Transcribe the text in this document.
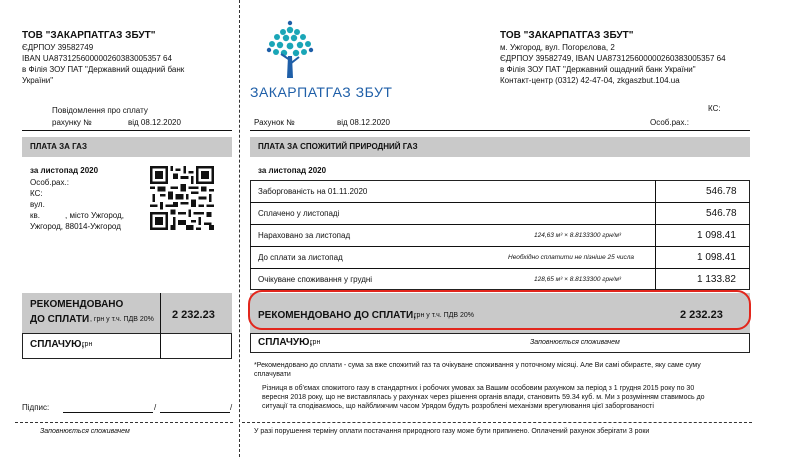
ТОВ "ЗАКАРПАТГАЗ ЗБУТ"
ЄДРПОУ 39582749
IBAN UA873125600000260383005357 64
в Філія ЗОУ ПАТ "Державний ощадний банк
України"
Повідомлення про сплату
рахунку №	від 08.12.2020
ПЛАТА ЗА ГАЗ
за листопад 2020
Особ.рах.:
КС:
вул.
кв.	, місто Ужгород,
Ужгород, 88014-Ужгород
РЕКОМЕНДОВАНО
ДО СПЛАТИ , грн у т.ч. ПДВ 20% 2 232.23
СПЛАЧУЮ,
грн
Підпис:	/	/
Заповнюється споживачем
ЗАКАРПАТГАЗ ЗБУТ
ТОВ "ЗАКАРПАТГАЗ ЗБУТ"
м. Ужгород, вул. Погорєлова, 2
ЄДРПОУ 39582749, IBAN UA873125600000260383005357 64
в Філія ЗОУ ПАТ "Державний ощадний банк України"
Контакт-центр (0312) 42-47-04, zkgaszbut.104.ua
КС:
Рахунок №	від 08.12.2020	Особ.рах.:
ПЛАТА ЗА СПОЖИТИЙ ПРИРОДНИЙ ГАЗ
за листопад 2020
Заборгованість на 01.11.2020	546.78
Сплачено у листопаді	546.78
Нараховано за листопад	124,63 м³ × 8.8133300 грн/м³	1 098.41
До сплати за листопад	Необхідно сплатити не пізніше 25 числа	1 098.41
Очікуване споживання у грудні	128,65 м³ × 8.8133300 грн/м³	1 133.82
РЕКОМЕНДОВАНО ДО СПЛАТИ,
грн у т.ч. ПДВ 20%	2 232.23
СПЛАЧУЮ,
грн	Заповнюється споживачем
*Рекомендовано до сплати - сума за вже спожитий газ та очікуване споживання у поточному місяці. Але Ви самі обираєте, яку саме суму
сплачувати
Різниця в об'ємах спожитого газу в стандартних і робочих умовах за Вашим особовим рахунком за період з 1 грудня 2015 року по 30
вересня 2018 року, що не виставлялась у рахунках через рішення органів влади, становить 59.34 куб. м. Ми з розумінням ставимось до
ситуації та сподіваємось, що найближчим часом Урядом будуть розроблені механізми врегулювання цієї заборгованості
У разі порушення терміну оплати постачання природного газу може бути припинено. Оплачений рахунок зберігати 3 роки
